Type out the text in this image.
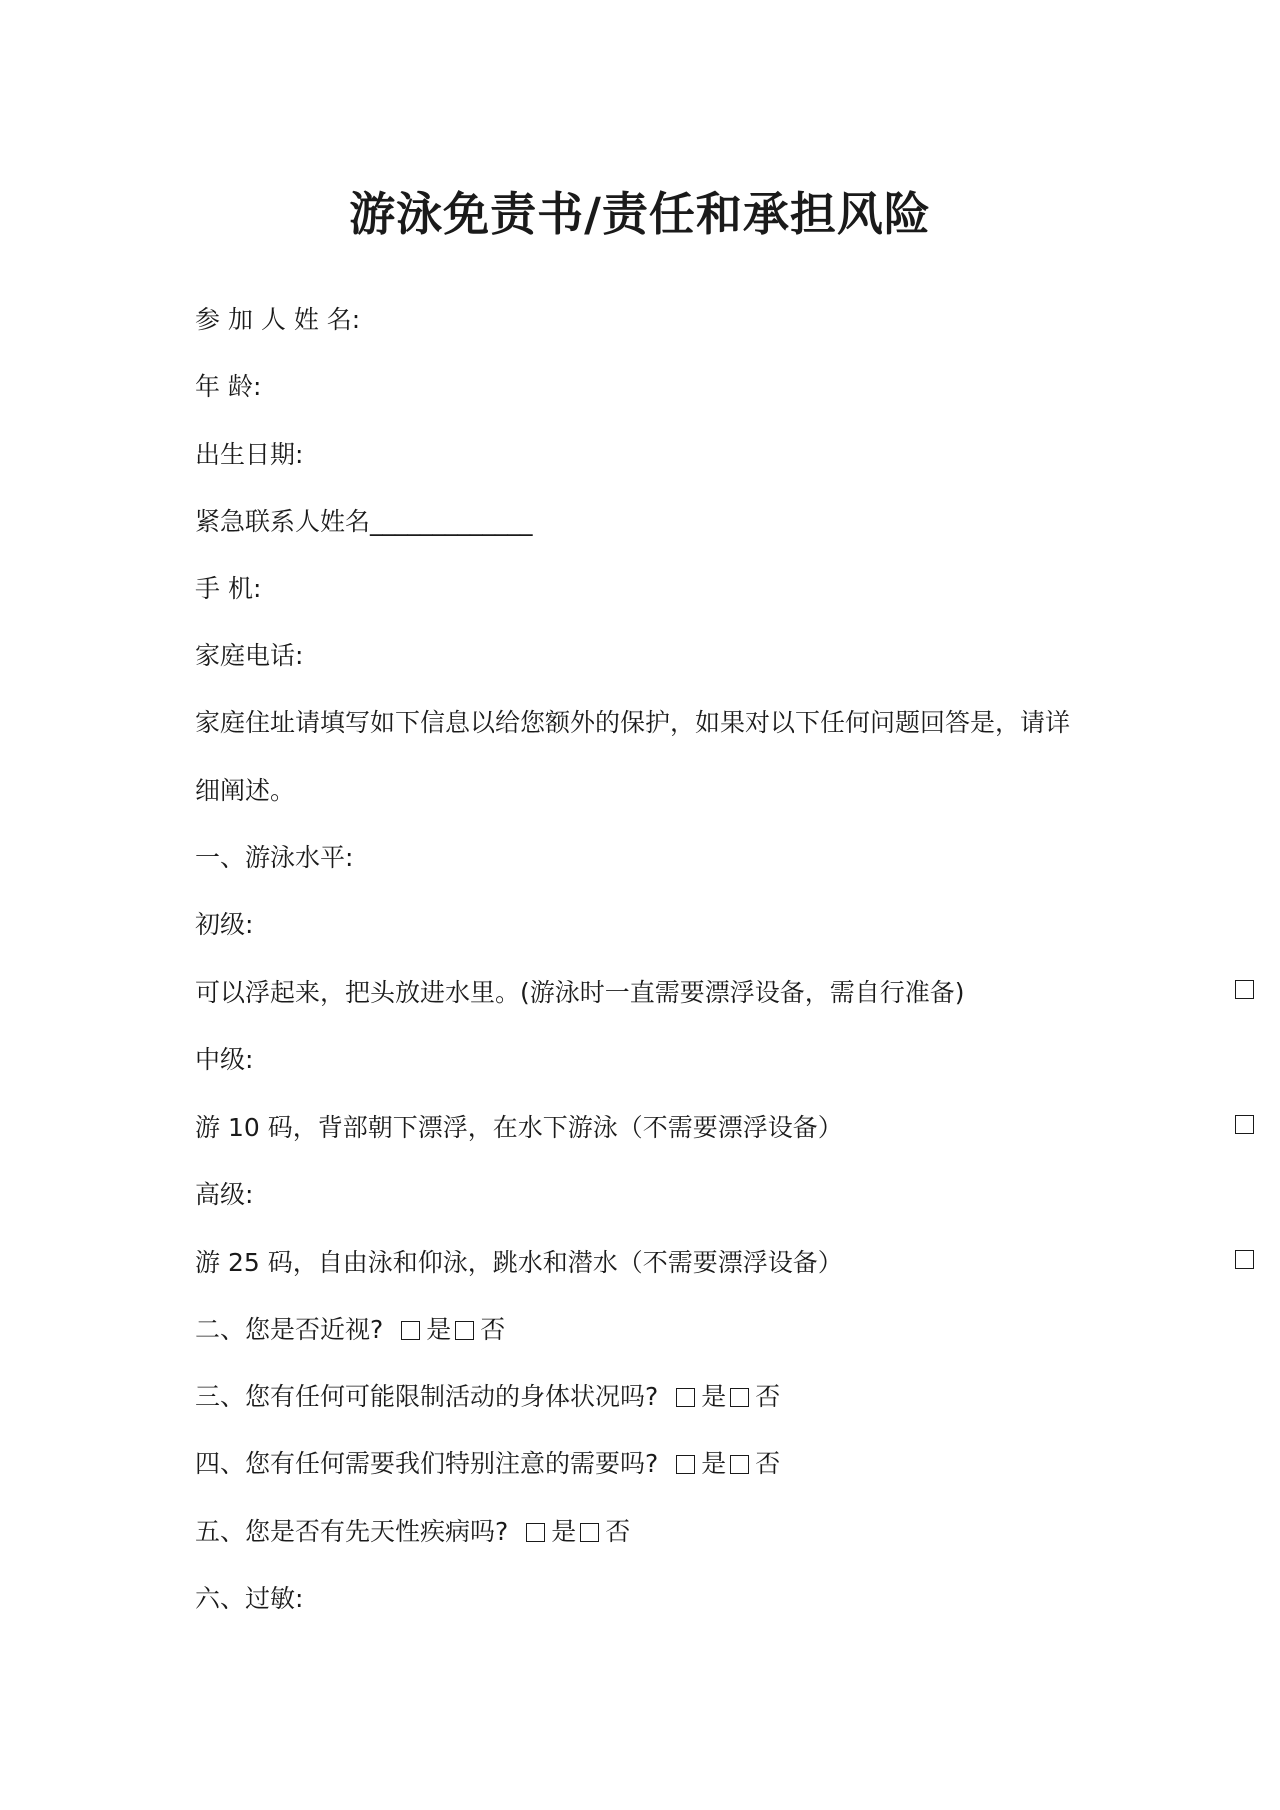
游泳免责书/责任和承担风险
参 加 人 姓 名:
年 龄:
出生日期:
紧急联系人姓名_____________
手 机:
家庭电话:
家庭住址请填写如下信息以给您额外的保护，如果对以下任何问题回答是，请详
细阐述。
一、游泳水平:
初级:
可以浮起来，把头放进水里。(游泳时一直需要漂浮设备，需自行准备)
中级:
游 10 码，背部朝下漂浮，在水下游泳（不需要漂浮设备）
高级:
游 25 码，自由泳和仰泳，跳水和潜水（不需要漂浮设备）
二、您是否近视? 是 否
三、您有任何可能限制活动的身体状况吗? 是 否
四、您有任何需要我们特别注意的需要吗? 是 否
五、您是否有先天性疾病吗? 是 否
六、过敏:
